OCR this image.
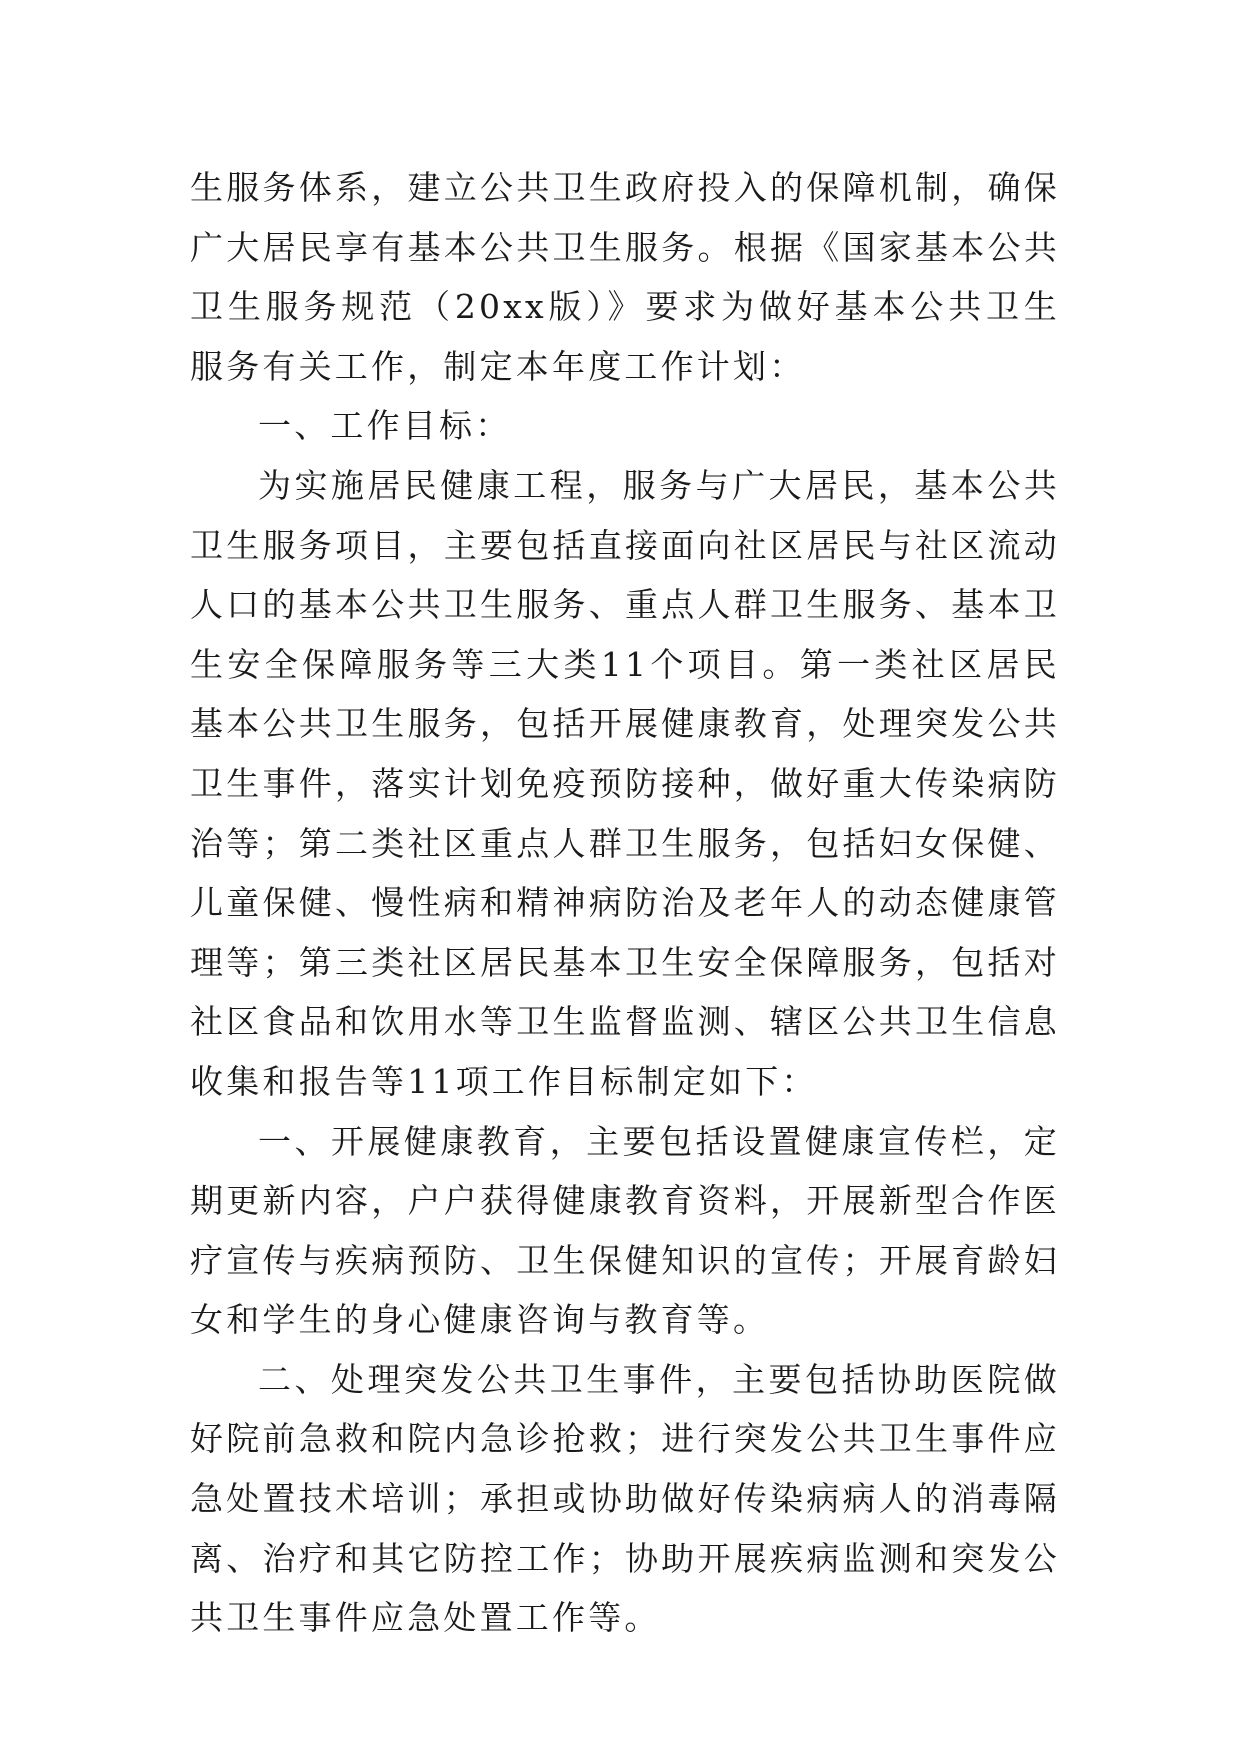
生服务体系，建立公共卫生政府投入的保障机制，确保广大居民享有基本公共卫生服务。根据《国家基本公共卫生服务规范（20xx版）》要求为做好基本公共卫生服务有关工作，制定本年度工作计划：

一、工作目标：

为实施居民健康工程，服务与广大居民，基本公共卫生服务项目，主要包括直接面向社区居民与社区流动人口的基本公共卫生服务、重点人群卫生服务、基本卫生安全保障服务等三大类11个项目。第一类社区居民基本公共卫生服务，包括开展健康教育，处理突发公共卫生事件，落实计划免疫预防接种，做好重大传染病防治等；第二类社区重点人群卫生服务，包括妇女保健、儿童保健、慢性病和精神病防治及老年人的动态健康管理等；第三类社区居民基本卫生安全保障服务，包括对社区食品和饮用水等卫生监督监测、辖区公共卫生信息收集和报告等11项工作目标制定如下：

一、开展健康教育，主要包括设置健康宣传栏，定期更新内容，户户获得健康教育资料，开展新型合作医疗宣传与疾病预防、卫生保健知识的宣传；开展育龄妇女和学生的身心健康咨询与教育等。

二、处理突发公共卫生事件，主要包括协助医院做好院前急救和院内急诊抢救；进行突发公共卫生事件应急处置技术培训；承担或协助做好传染病病人的消毒隔离、治疗和其它防控工作；协助开展疾病监测和突发公共卫生事件应急处置工作等。
